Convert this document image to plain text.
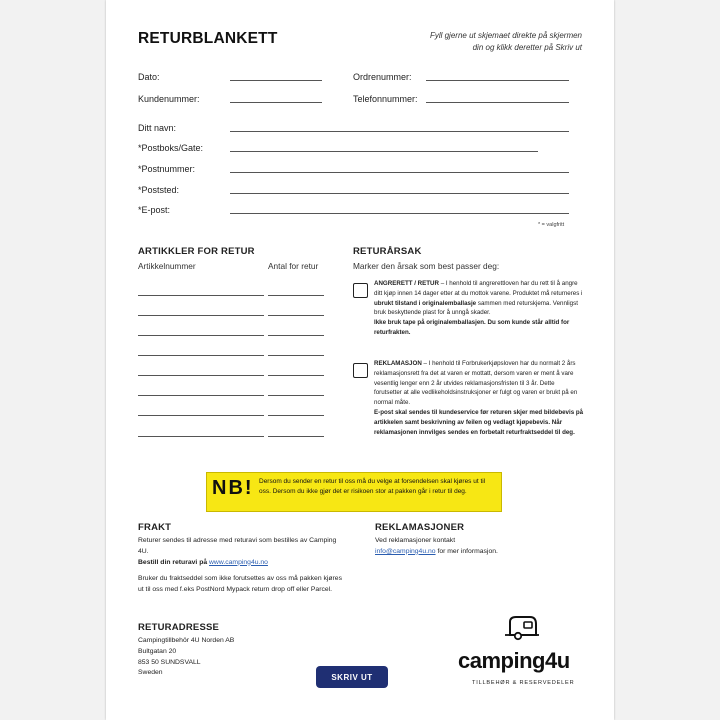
RETURBLANKETT	Fyll gjerne ut skjemaet direkte på skjermen
din og klikk deretter på Skriv ut
Dato:	Ordrenummer:
Kundenummer:	Telefonnummer:
Ditt navn:
*Postboks/Gate:
*Postnummer:
*Poststed:
*E-post:
* = valgfritt
ARTIKKLER FOR RETUR
Artikkelnummer	Antal for retur
RETURÅRSAK
Marker den årsak som best passer deg:
ANGRERETT / RETUR – I henhold til angrerettloven har du rett til å angre ditt kjøp innen 14 dager etter at du mottok varene. Produktet må returneres i ubrukt tilstand i originalemballasje sammen med returskjema. Vennligst bruk beskyttende plast for å unngå skader.
Ikke bruk tape på originalemballasjen. Du som kunde står alltid for returfrakten.
REKLAMASJON – I henhold til Forbrukerkjøpsloven har du normalt 2 års reklamasjonsrett fra det at varen er mottatt, dersom varen er ment å vare vesentlig lenger enn 2 år utvides reklamasjonsfristen til 3 år. Dette forutsetter at alle vedlikeholdsinstruksjoner er fulgt og varen er brukt på en normal måte.
E-post skal sendes til kundeservice før returen skjer med bildebevis på artikkelen samt beskrivning av feilen og vedlagt kjøpebevis. Når reklamasjonen innvilges sendes en forbetalt returfraktseddel til deg.
NB! Dersom du sender en retur til oss må du velge at forsendelsen skal kjøres ut til oss. Dersom du ikke gjør det er risikoen stor at pakken går i retur til deg.
FRAKT
Returer sendes til adresse med returavi som bestilles av Camping 4U.
Bestill din returavi på www.camping4u.no
Bruker du fraktseddel som ikke forutsettes av oss må pakken kjøres ut til oss med f.eks PostNord Mypack return drop off eller Parcel.
REKLAMASJONER
Ved reklamasjoner kontakt
info@camping4u.no for mer informasjon.
RETURADRESSE
Campingtillbehör 4U Norden AB
Bultgatan 20
853 50 SUNDSVALL
Sweden	SKRIV UT
camping4u
TILLBEHØR & RESERVEDELER
